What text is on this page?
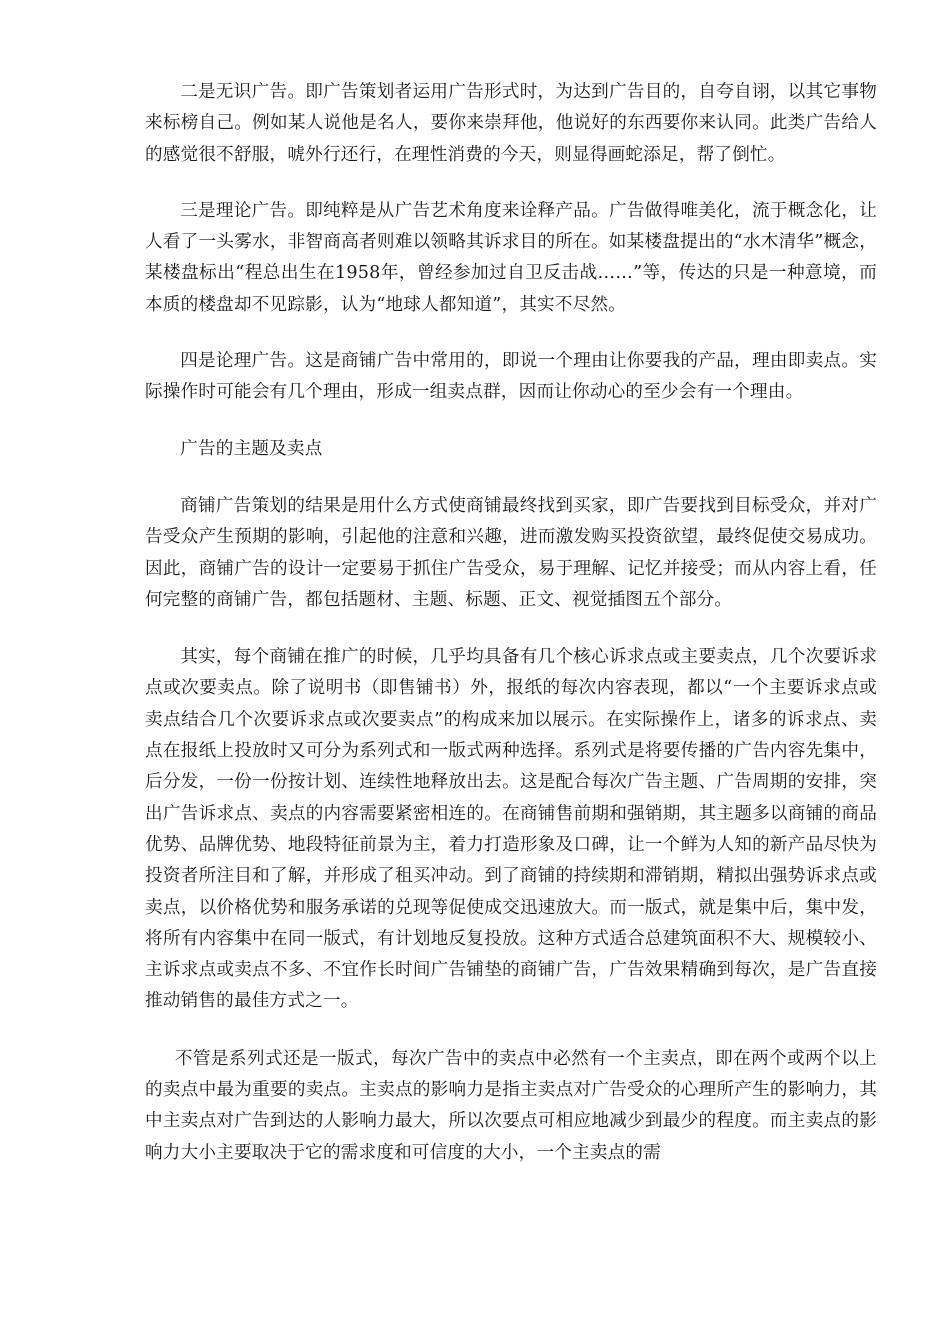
二是无识广告。即广告策划者运用广告形式时，为达到广告目的，自夸自诩，以其它事物来标榜自己。例如某人说他是名人，要你来崇拜他，他说好的东西要你来认同。此类广告给人的感觉很不舒服，唬外行还行，在理性消费的今天，则显得画蛇添足，帮了倒忙。

三是理论广告。即纯粹是从广告艺术角度来诠释产品。广告做得唯美化，流于概念化，让人看了一头雾水，非智商高者则难以领略其诉求目的所在。如某楼盘提出的“水木清华”概念，某楼盘标出“程总出生在1958年，曾经参加过自卫反击战……”等，传达的只是一种意境，而本质的楼盘却不见踪影，认为“地球人都知道”，其实不尽然。

四是论理广告。这是商铺广告中常用的，即说一个理由让你要我的产品，理由即卖点。实际操作时可能会有几个理由，形成一组卖点群，因而让你动心的至少会有一个理由。

广告的主题及卖点

商铺广告策划的结果是用什么方式使商铺最终找到买家，即广告要找到目标受众，并对广告受众产生预期的影响，引起他的注意和兴趣，进而激发购买投资欲望，最终促使交易成功。因此，商铺广告的设计一定要易于抓住广告受众，易于理解、记忆并接受；而从内容上看，任何完整的商铺广告，都包括题材、主题、标题、正文、视觉插图五个部分。

其实，每个商铺在推广的时候，几乎均具备有几个核心诉求点或主要卖点，几个次要诉求点或次要卖点。除了说明书（即售铺书）外，报纸的每次内容表现，都以“一个主要诉求点或卖点结合几个次要诉求点或次要卖点”的构成来加以展示。在实际操作上，诸多的诉求点、卖点在报纸上投放时又可分为系列式和一版式两种选择。系列式是将要传播的广告内容先集中，后分发，一份一份按计划、连续性地释放出去。这是配合每次广告主题、广告周期的安排，突出广告诉求点、卖点的内容需要紧密相连的。在商铺售前期和强销期，其主题多以商铺的商品优势、品牌优势、地段特征前景为主，着力打造形象及口碑，让一个鲜为人知的新产品尽快为投资者所注目和了解，并形成了租买冲动。到了商铺的持续期和滞销期，精拟出强势诉求点或卖点，以价格优势和服务承诺的兑现等促使成交迅速放大。而一版式，就是集中后，集中发，将所有内容集中在同一版式，有计划地反复投放。这种方式适合总建筑面积不大、规模较小、主诉求点或卖点不多、不宜作长时间广告铺垫的商铺广告，广告效果精确到每次，是广告直接推动销售的最佳方式之一。

不管是系列式还是一版式，每次广告中的卖点中必然有一个主卖点，即在两个或两个以上的卖点中最为重要的卖点。主卖点的影响力是指主卖点对广告受众的心理所产生的影响力，其中主卖点对广告到达的人影响力最大，所以次要点可相应地减少到最少的程度。而主卖点的影响力大小主要取决于它的需求度和可信度的大小，一个主卖点的需
